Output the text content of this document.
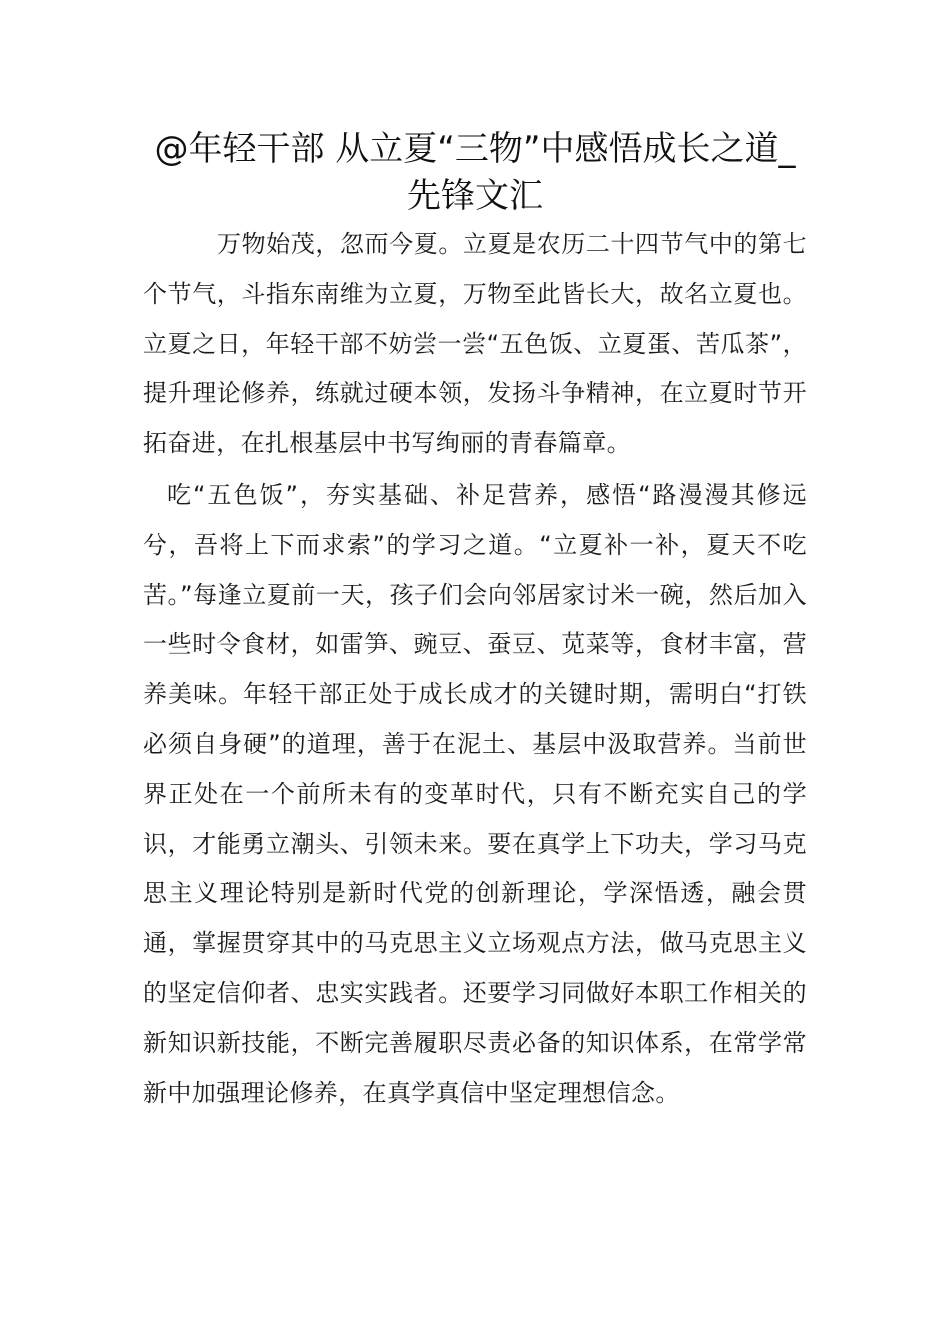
@年轻干部 从立夏“三物”中感悟成长之道_先锋文汇

万物始茂，忽而今夏。立夏是农历二十四节气中的第七个节气，斗指东南维为立夏，万物至此皆长大，故名立夏也。立夏之日，年轻干部不妨尝一尝“五色饭、立夏蛋、苦瓜茶”，提升理论修养，练就过硬本领，发扬斗争精神，在立夏时节开拓奋进，在扎根基层中书写绚丽的青春篇章。

吃“五色饭”，夯实基础、补足营养，感悟“路漫漫其修远兮，吾将上下而求索”的学习之道。“立夏补一补，夏天不吃苦。”每逢立夏前一天，孩子们会向邻居家讨米一碗，然后加入一些时令食材，如雷笋、豌豆、蚕豆、苋菜等，食材丰富，营养美味。年轻干部正处于成长成才的关键时期，需明白“打铁必须自身硬”的道理，善于在泥土、基层中汲取营养。当前世界正处在一个前所未有的变革时代，只有不断充实自己的学识，才能勇立潮头、引领未来。要在真学上下功夫，学习马克思主义理论特别是新时代党的创新理论，学深悟透，融会贯通，掌握贯穿其中的马克思主义立场观点方法，做马克思主义的坚定信仰者、忠实实践者。还要学习同做好本职工作相关的新知识新技能，不断完善履职尽责必备的知识体系，在常学常新中加强理论修养，在真学真信中坚定理想信念。
